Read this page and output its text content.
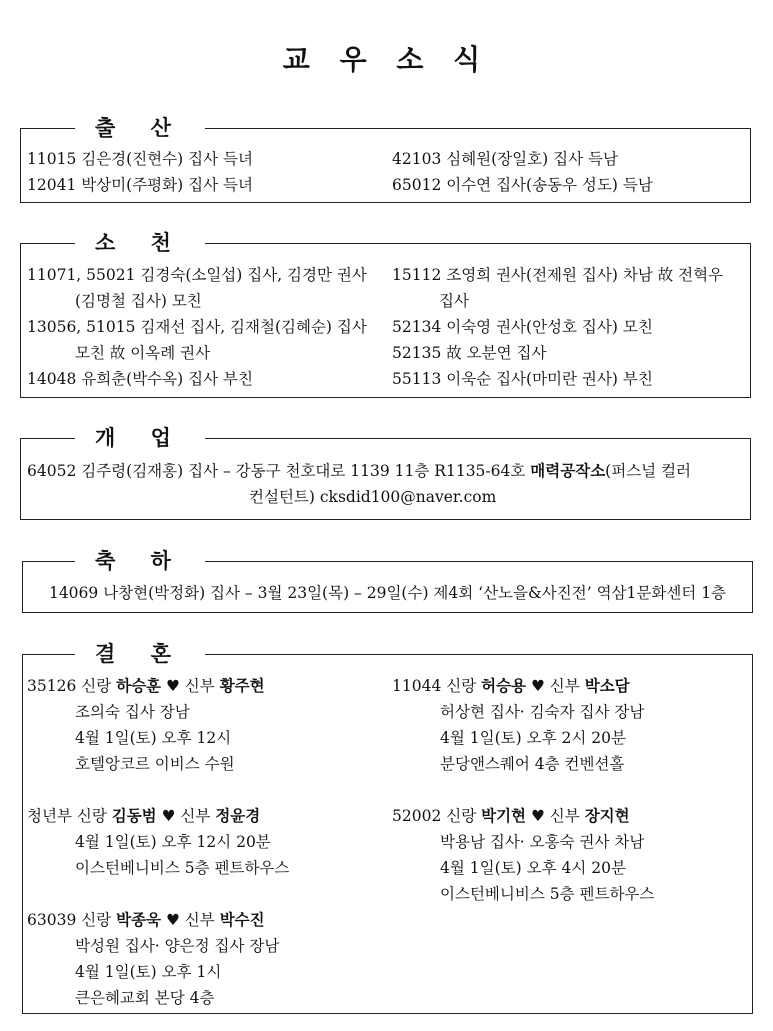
교 우 소 식
출 산
11015 김은경(진현수) 집사 득녀
12041 박상미(주평화) 집사 득녀
42103 심혜원(장일호) 집사 득남
65012 이수연 집사(송동우 성도) 득남
소 천
11071, 55021 김경숙(소일섭) 집사, 김경만 권사
(김명철 집사) 모친
13056, 51015 김재선 집사, 김재철(김혜순) 집사
모친 故 이옥례 권사
14048 유희춘(박수옥) 집사 부친
15112 조영희 권사(전제원 집사) 차남 故 전혁우
집사
52134 이숙영 권사(안성호 집사) 모친
52135 故 오분연 집사
55113 이욱순 집사(마미란 권사) 부친
개 업
64052 김주령(김재홍) 집사 – 강동구 천호대로 1139 11층 R1135-64호 매력공작소(퍼스널 컬러
컨설턴트) cksdid100@naver.com
축 하
14069 나창현(박정화) 집사 – 3월 23일(목) – 29일(수) 제4회 ‘산노을&사진전’ 역삼1문화센터 1층
결 혼
35126 신랑 하승훈 ♥ 신부 황주현
조의숙 집사 장남
4월 1일(토) 오후 12시
호텔앙코르 이비스 수원
청년부 신랑 김동범 ♥ 신부 정윤경
4월 1일(토) 오후 12시 20분
이스턴베니비스 5층 펜트하우스
63039 신랑 박종욱 ♥ 신부 박수진
박성원 집사· 양은정 집사 장남
4월 1일(토) 오후 1시
큰은혜교회 본당 4층
11044 신랑 허승용 ♥ 신부 박소담
허상현 집사· 김숙자 집사 장남
4월 1일(토) 오후 2시 20분
분당앤스퀘어 4층 컨벤션홀
52002 신랑 박기현 ♥ 신부 장지현
박용남 집사· 오홍숙 권사 차남
4월 1일(토) 오후 4시 20분
이스턴베니비스 5층 펜트하우스
